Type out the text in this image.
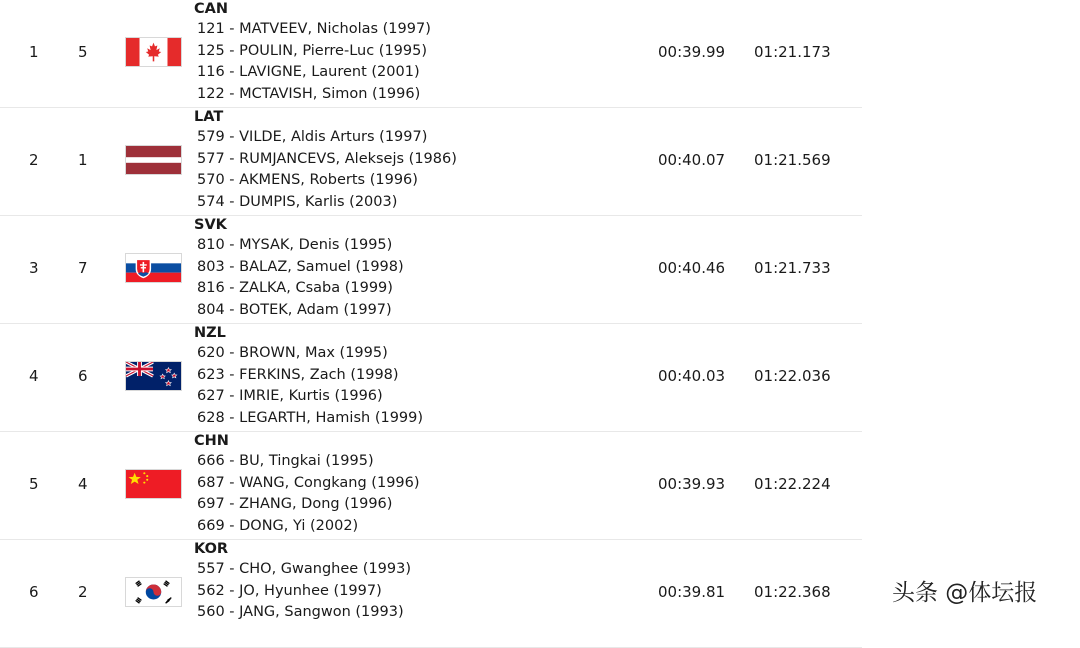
1	5
CAN
121 - MATVEEV, Nicholas (1997)
125 - POULIN, Pierre-Luc (1995)
116 - LAVIGNE, Laurent (2001)
122 - MCTAVISH, Simon (1996)
00:39.99 01:21.173
2	1
LAT
579 - VILDE, Aldis Arturs (1997)
577 - RUMJANCEVS, Aleksejs (1986)
570 - AKMENS, Roberts (1996)
574 - DUMPIS, Karlis (2003)
00:40.07 01:21.569
3	7
SVK
810 - MYSAK, Denis (1995)
803 - BALAZ, Samuel (1998)
816 - ZALKA, Csaba (1999)
804 - BOTEK, Adam (1997)
00:40.46 01:21.733
4	6
NZL
620 - BROWN, Max (1995)
623 - FERKINS, Zach (1998)
627 - IMRIE, Kurtis (1996)
628 - LEGARTH, Hamish (1999)
00:40.03 01:22.036
5	4
CHN
666 - BU, Tingkai (1995)
687 - WANG, Congkang (1996)
697 - ZHANG, Dong (1996)
669 - DONG, Yi (2002)
00:39.93 01:22.224
6	2
KOR
557 - CHO, Gwanghee (1993)
562 - JO, Hyunhee (1997)
560 - JANG, Sangwon (1993)
00:39.81 01:22.368	头条 @体坛报
